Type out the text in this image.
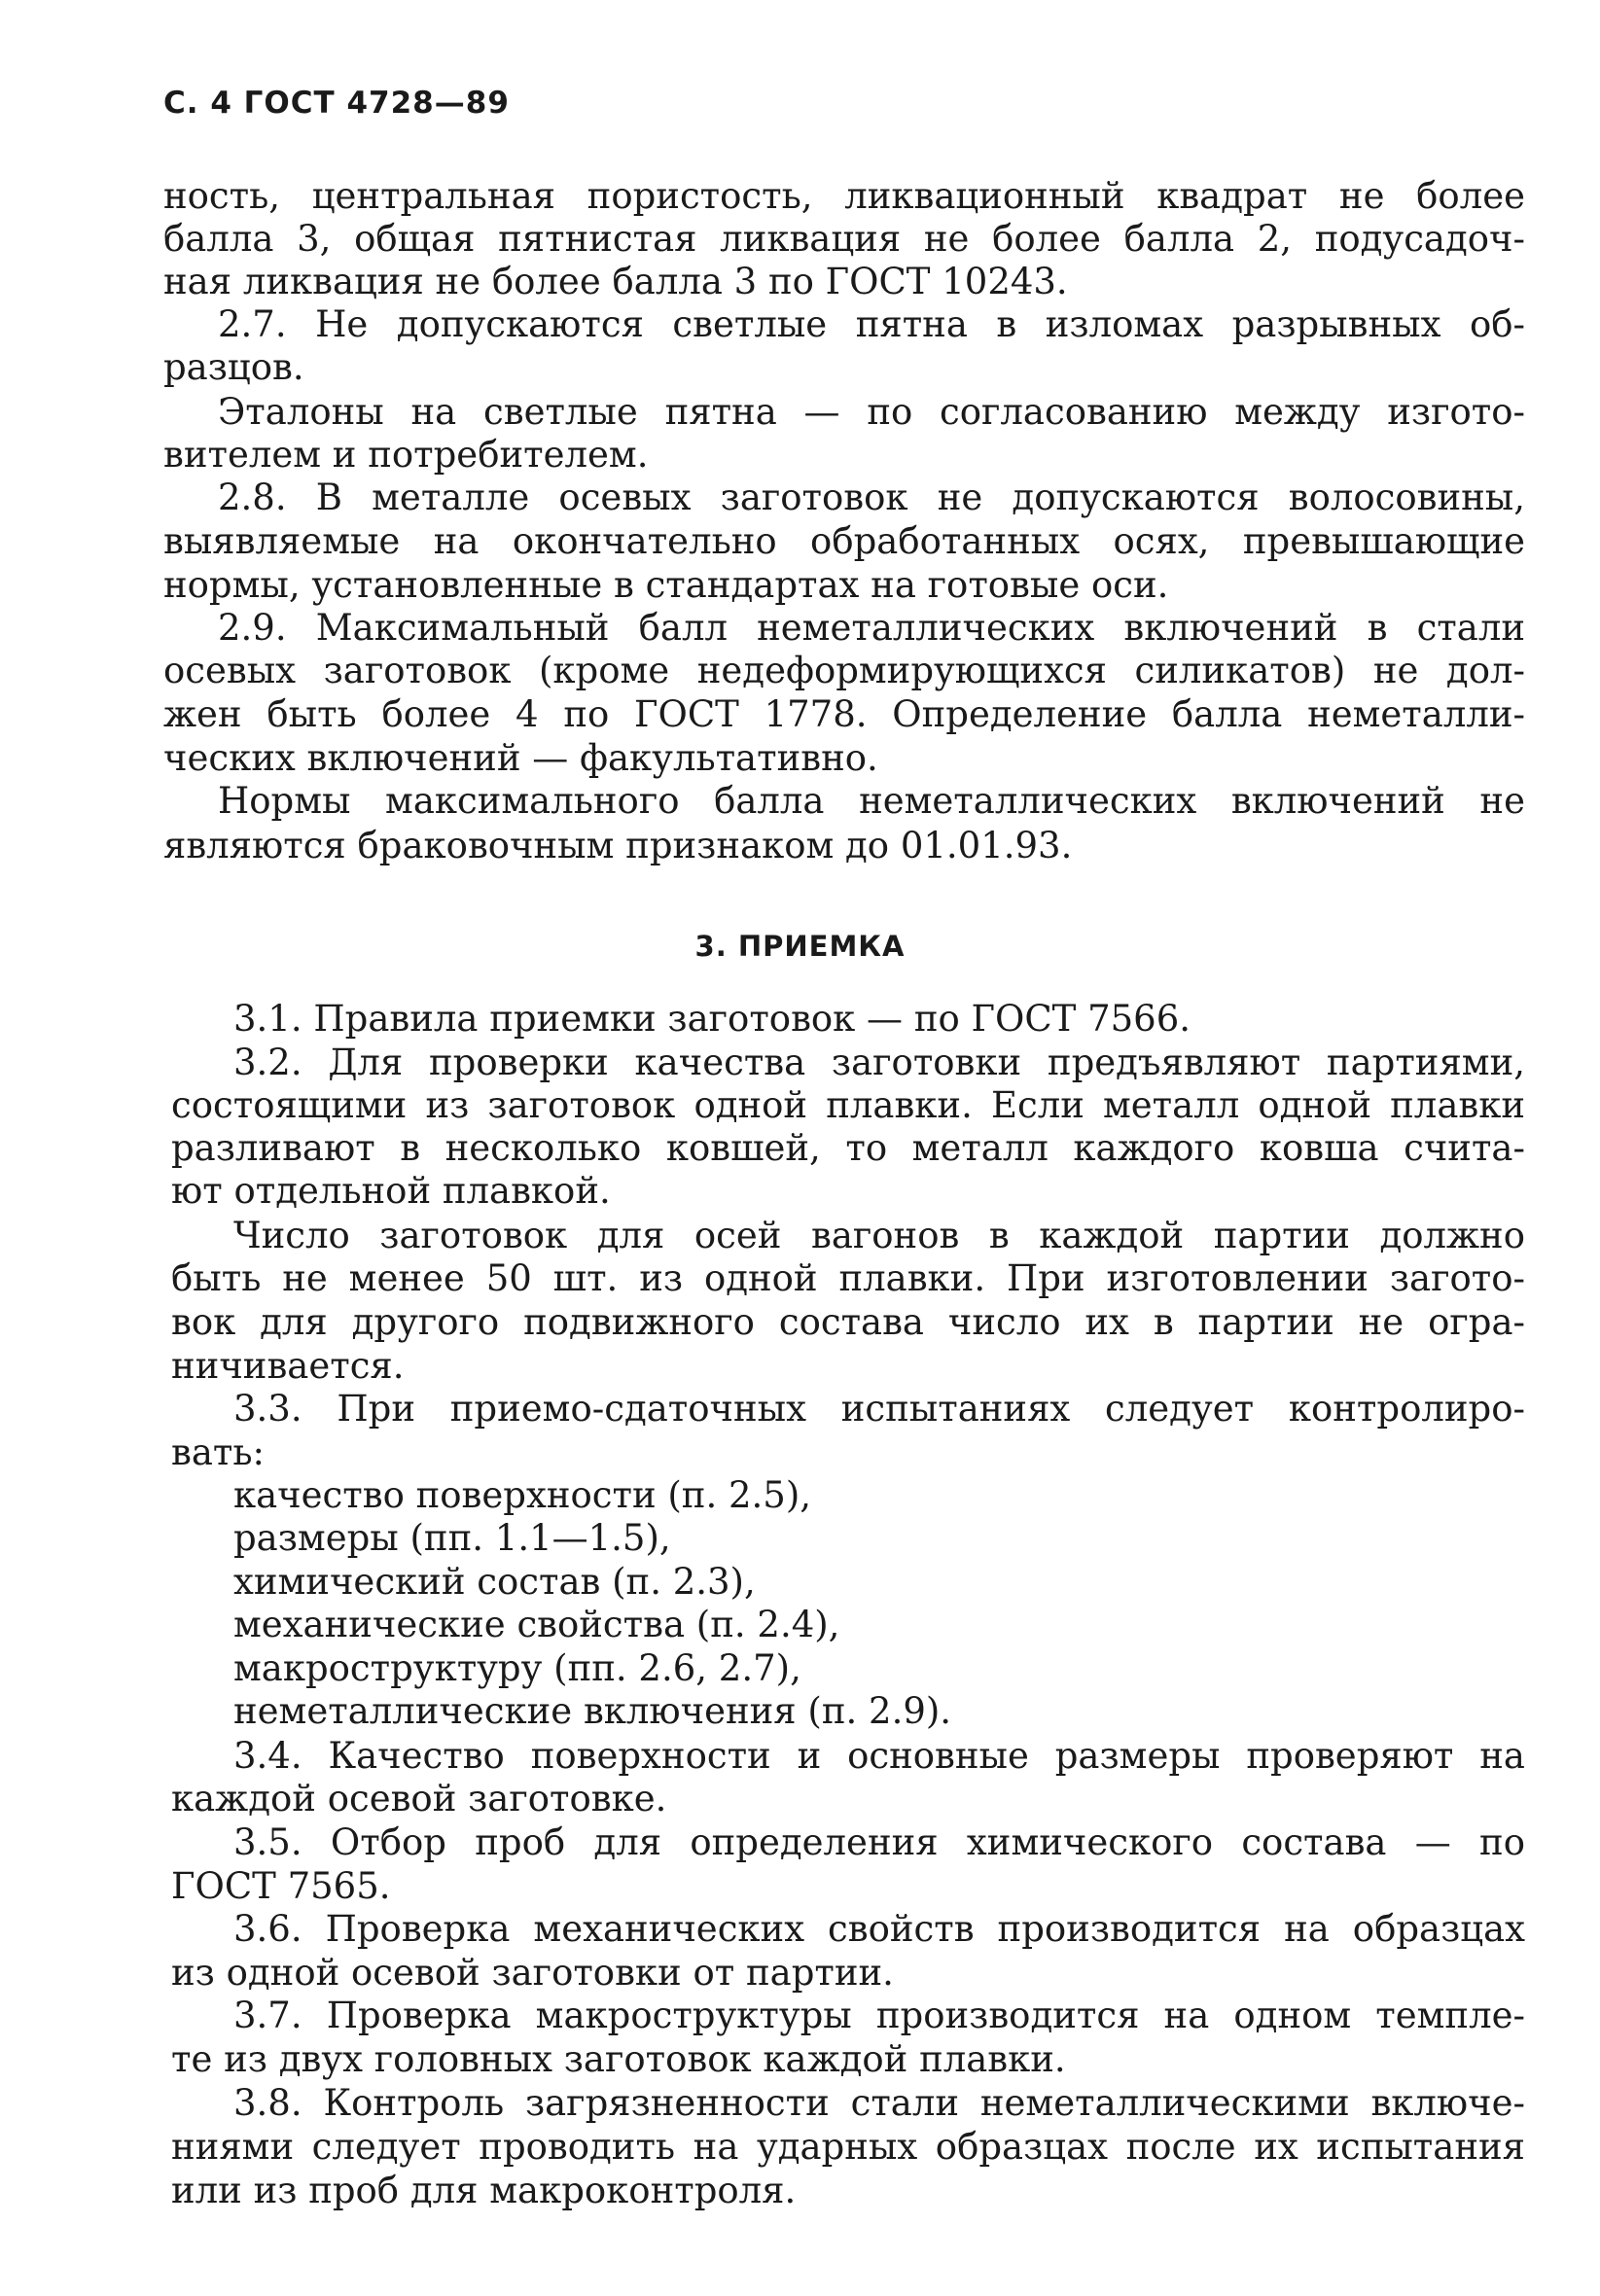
С. 4 ГОСТ 4728—89
ность, центральная пористость, ликвационный квадрат не более
балла 3, общая пятнистая ликвация не более балла 2, подусадоч-
ная ликвация не более балла 3 по ГОСТ 10243.
2.7. Не допускаются светлые пятна в изломах разрывных об-
разцов.
Эталоны на светлые пятна — по согласованию между изгото-
вителем и потребителем.
2.8. В металле осевых заготовок не допускаются волосовины,
выявляемые на окончательно обработанных осях, превышающие
нормы, установленные в стандартах на готовые оси.
2.9. Максимальный балл неметаллических включений в стали
осевых заготовок (кроме недеформирующихся силикатов) не дол-
жен быть более 4 по ГОСТ 1778. Определение балла неметалли-
ческих включений — факультативно.
Нормы максимального балла неметаллических включений не
являются браковочным признаком до 01.01.93.
3. ПРИЕМКА
3.1. Правила приемки заготовок — по ГОСТ 7566.
3.2. Для проверки качества заготовки предъявляют партиями,
состоящими из заготовок одной плавки. Если металл одной плавки
разливают в несколько ковшей, то металл каждого ковша счита-
ют отдельной плавкой.
Число заготовок для осей вагонов в каждой партии должно
быть не менее 50 шт. из одной плавки. При изготовлении загото-
вок для другого подвижного состава число их в партии не огра-
ничивается.
3.3. При приемо-сдаточных испытаниях следует контролиро-
вать:
качество поверхности (п. 2.5),
размеры (пп. 1.1—1.5),
химический состав (п. 2.3),
механические свойства (п. 2.4),
макроструктуру (пп. 2.6, 2.7),
неметаллические включения (п. 2.9).
3.4. Качество поверхности и основные размеры проверяют на
каждой осевой заготовке.
3.5. Отбор проб для определения химического состава — по
ГОСТ 7565.
3.6. Проверка механических свойств производится на образцах
из одной осевой заготовки от партии.
3.7. Проверка макроструктуры производится на одном темпле-
те из двух головных заготовок каждой плавки.
3.8. Контроль загрязненности стали неметаллическими включе-
ниями следует проводить на ударных образцах после их испытания
или из проб для макроконтроля.
